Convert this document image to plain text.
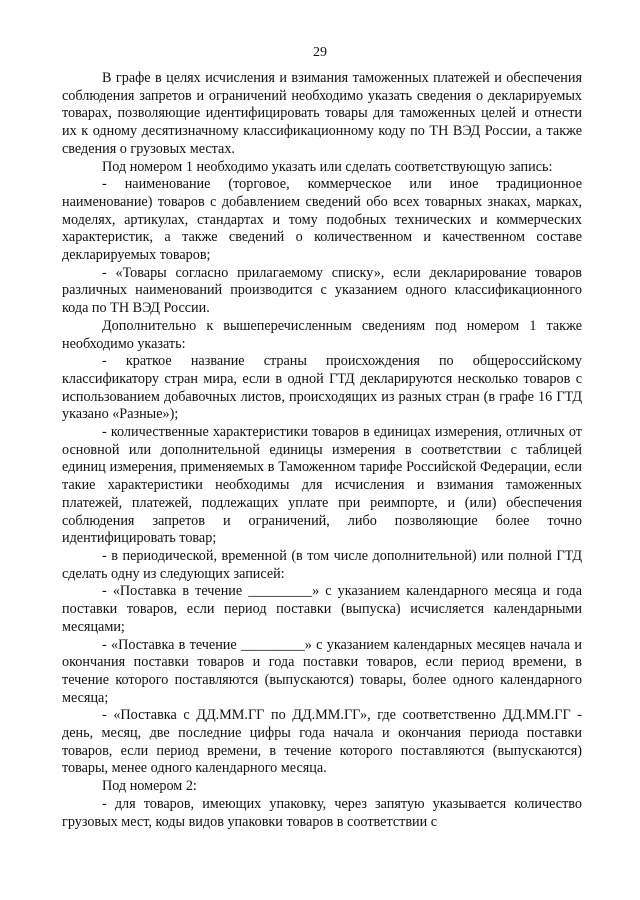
29

В графе в целях исчисления и взимания таможенных платежей и обеспечения соблюдения запретов и ограничений необходимо указать сведения о декларируемых товарах, позволяющие идентифицировать товары для таможенных целей и отнести их к одному десятизначному классификационному коду по ТН ВЭД России, а также сведения о грузовых местах.

Под номером 1 необходимо указать или сделать соответствующую запись:

- наименование (торговое, коммерческое или иное традиционное наименование) товаров с добавлением сведений обо всех товарных знаках, марках, моделях, артикулах, стандартах и тому подобных технических и коммерческих характеристик, а также сведений о количественном и качественном составе декларируемых товаров;

- «Товары согласно прилагаемому списку», если декларирование товаров различных наименований производится с указанием одного классификационного кода по ТН ВЭД России.

Дополнительно к вышеперечисленным сведениям под номером 1 также необходимо указать:

- краткое название страны происхождения по общероссийскому классификатору стран мира, если в одной ГТД декларируются несколько товаров с использованием добавочных листов, происходящих из разных стран (в графе 16 ГТД указано «Разные»);

- количественные характеристики товаров в единицах измерения, отличных от основной или дополнительной единицы измерения в соответствии с таблицей единиц измерения, применяемых в Таможенном тарифе Российской Федерации, если такие характеристики необходимы для исчисления и взимания таможенных платежей, платежей, подлежащих уплате при реимпорте, и (или) обеспечения соблюдения запретов и ограничений, либо позволяющие более точно идентифицировать товар;

- в периодической, временной (в том числе дополнительной) или полной ГТД сделать одну из следующих записей:

- «Поставка в течение _________» с указанием календарного месяца и года поставки товаров, если период поставки (выпуска) исчисляется календарными месяцами;

- «Поставка в течение _________» с указанием календарных месяцев начала и окончания поставки товаров и года поставки товаров, если период времени, в течение которого поставляются (выпускаются) товары, более одного календарного месяца;

- «Поставка с ДД.ММ.ГГ по ДД.ММ.ГГ», где соответственно ДД.ММ.ГГ - день, месяц, две последние цифры года начала и окончания периода поставки товаров, если период времени, в течение которого поставляются (выпускаются) товары, менее одного календарного месяца.

Под номером 2:

- для товаров, имеющих упаковку, через запятую указывается количество грузовых мест, коды видов упаковки товаров в соответствии с
